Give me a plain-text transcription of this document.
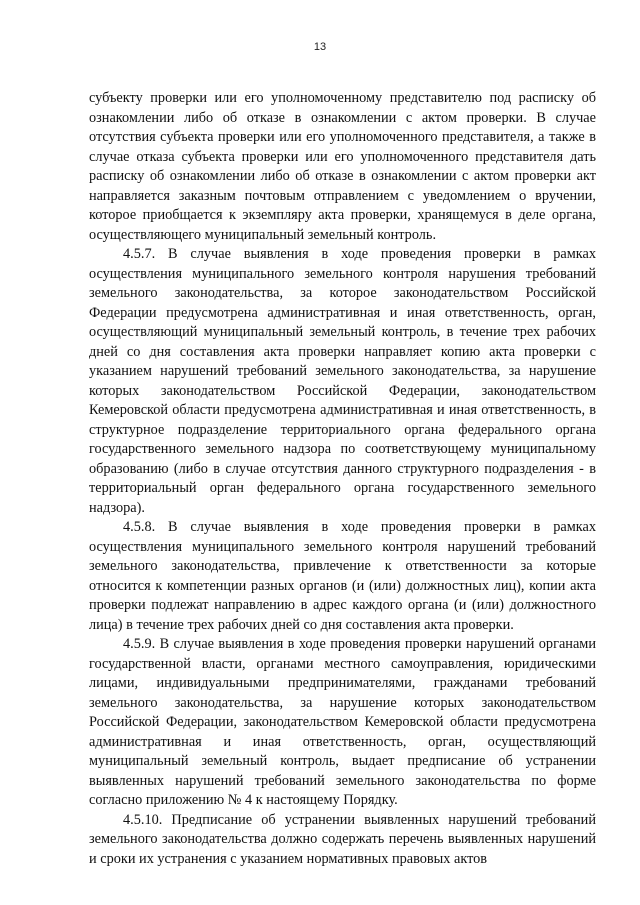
13

субъекту проверки или его уполномоченному представителю под расписку об ознакомлении либо об отказе в ознакомлении с актом проверки. В случае отсутствия субъекта проверки или его уполномоченного представителя, а также в случае отказа субъекта проверки или его уполномоченного представителя дать расписку об ознакомлении либо об отказе в ознакомлении с актом проверки акт направляется заказным почтовым отправлением с уведомлением о вручении, которое приобщается к экземпляру акта проверки, хранящемуся в деле органа, осуществляющего муниципальный земельный контроль.

4.5.7. В случае выявления в ходе проведения проверки в рамках осуществления муниципального земельного контроля нарушения требований земельного законодательства, за которое законодательством Российской Федерации предусмотрена административная и иная ответственность, орган, осуществляющий муниципальный земельный контроль, в течение трех рабочих дней со дня составления акта проверки направляет копию акта проверки с указанием нарушений требований земельного законодательства, за нарушение которых законодательством Российской Федерации, законодательством Кемеровской области предусмотрена административная и иная ответственность, в структурное подразделение территориального органа федерального органа государственного земельного надзора по соответствующему муниципальному образованию (либо в случае отсутствия данного структурного подразделения - в территориальный орган федерального органа государственного земельного надзора).

4.5.8. В случае выявления в ходе проведения проверки в рамках осуществления муниципального земельного контроля нарушений требований земельного законодательства, привлечение к ответственности за которые относится к компетенции разных органов (и (или) должностных лиц), копии акта проверки подлежат направлению в адрес каждого органа (и (или) должностного лица) в течение трех рабочих дней со дня составления акта проверки.

4.5.9. В случае выявления в ходе проведения проверки нарушений органами государственной власти, органами местного самоуправления, юридическими лицами, индивидуальными предпринимателями, гражданами требований земельного законодательства, за нарушение которых законодательством Российской Федерации, законодательством Кемеровской области предусмотрена административная и иная ответственность, орган, осуществляющий муниципальный земельный контроль, выдает предписание об устранении выявленных нарушений требований земельного законодательства по форме согласно приложению № 4 к настоящему Порядку.

4.5.10. Предписание об устранении выявленных нарушений требований земельного законодательства должно содержать перечень выявленных нарушений и сроки их устранения с указанием нормативных правовых актов
